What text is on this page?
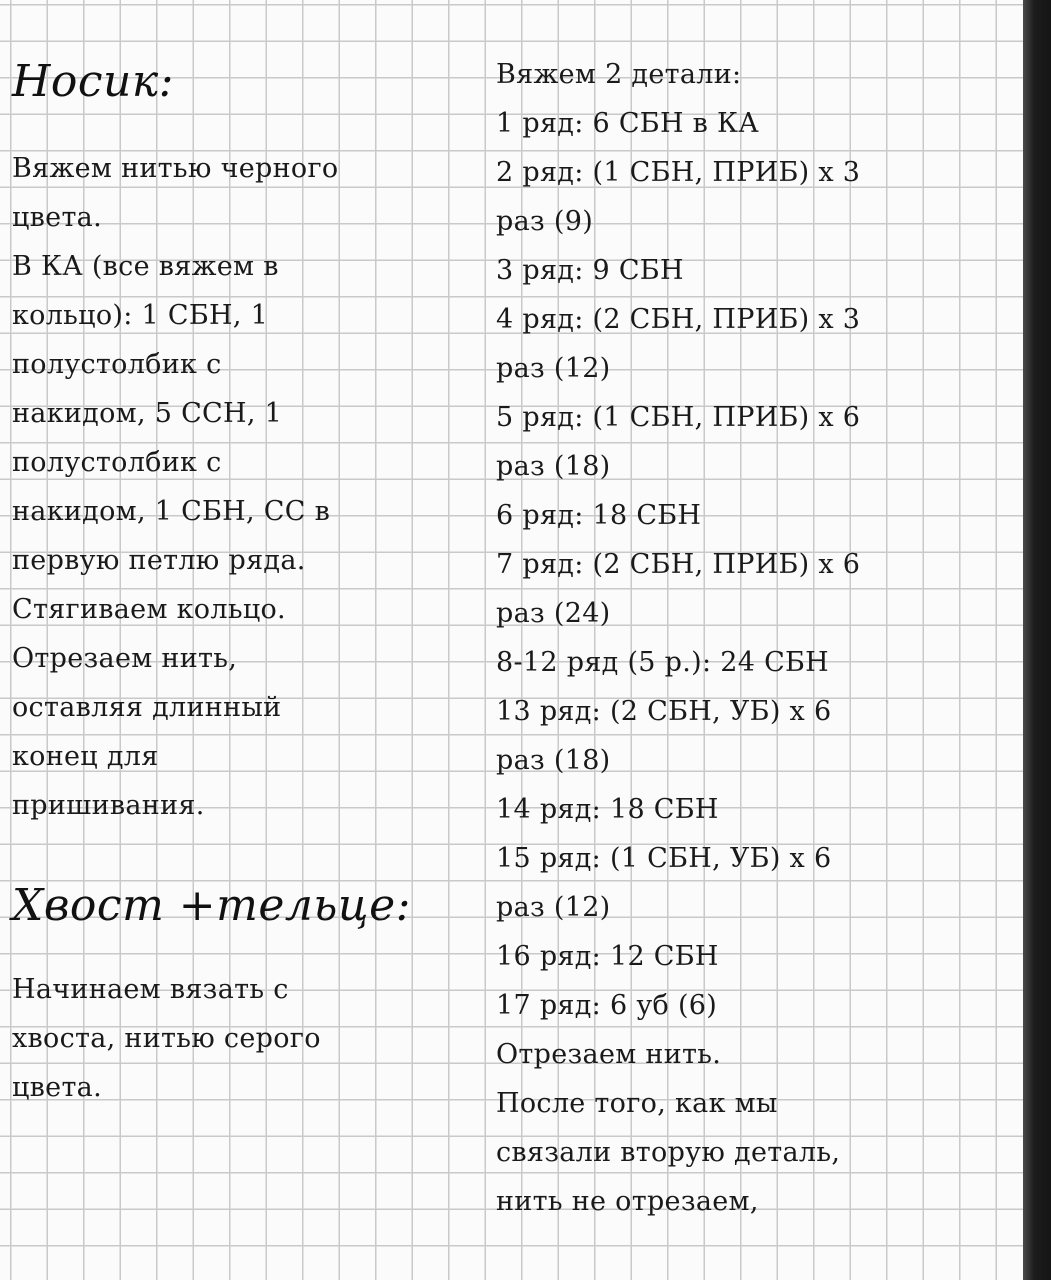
Носик:
Вяжем нитью черного
цвета.
В КА (все вяжем в
кольцо): 1 СБН, 1
полустолбик с
накидом, 5 ССН, 1
полустолбик с
накидом, 1 СБН, СС в
первую петлю ряда.
Стягиваем кольцо.
Отрезаем нить,
оставляя длинный
конец для
пришивания.
Хвост +тельце:
Начинаем вязать с
хвоста, нитью серого
цвета.
Вяжем 2 детали:
1 ряд: 6 СБН в КА
2 ряд: (1 СБН, ПРИБ) х 3
раз (9)
3 ряд: 9 СБН
4 ряд: (2 СБН, ПРИБ) х 3
раз (12)
5 ряд: (1 СБН, ПРИБ) х 6
раз (18)
6 ряд: 18 СБН
7 ряд: (2 СБН, ПРИБ) х 6
раз (24)
8-12 ряд (5 р.): 24 СБН
13 ряд: (2 СБН, УБ) х 6
раз (18)
14 ряд: 18 СБН
15 ряд: (1 СБН, УБ) х 6
раз (12)
16 ряд: 12 СБН
17 ряд: 6 уб (6)
Отрезаем нить.
После того, как мы
связали вторую деталь,
нить не отрезаем,
